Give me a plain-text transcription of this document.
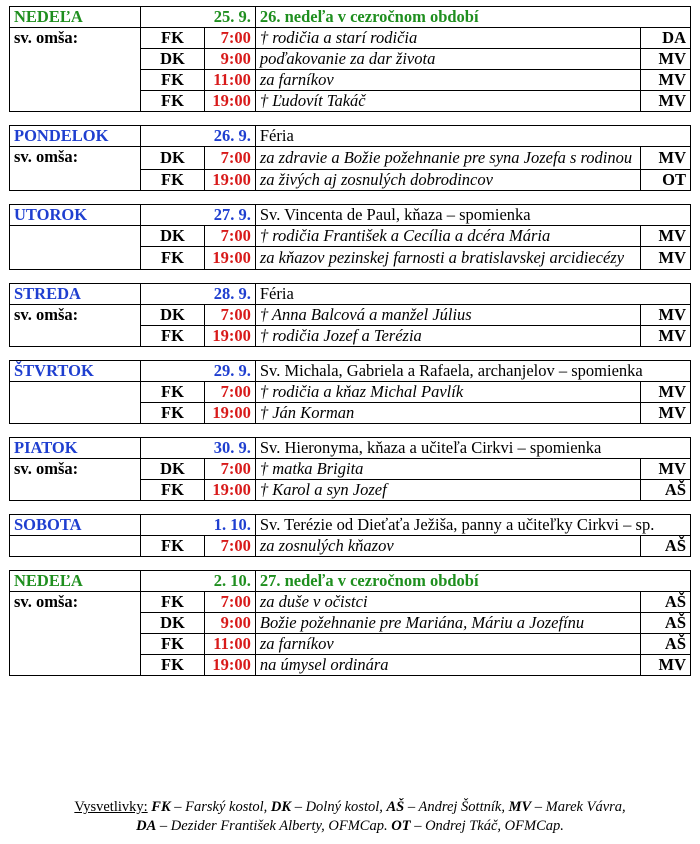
NEDEĽA	25. 9.		26. nedeľa v cezročnom období	
sv. omša:	FK	7:00	† rodičia a starí rodičia	DA
	DK	9:00	poďakovanie za dar života	MV
	FK	11:00	za farníkov	MV
	FK	19:00	† Ľudovít Takáč	MV
PONDELOK	26. 9.		Féria	
sv. omša:	DK	7:00	za zdravie a Božie požehnanie pre syna Jozefa s rodinou	MV
	FK	19:00	za živých aj zosnulých dobrodincov	OT
UTOROK	27. 9.		Sv. Vincenta de Paul, kňaza – spomienka	
	DK	7:00	† rodičia František a Cecília a dcéra Mária	MV
	FK	19:00	za kňazov pezinskej farnosti a bratislavskej arcidiecézy	MV
STREDA	28. 9.		Féria	
sv. omša:	DK	7:00	† Anna Balcová a manžel Július	MV
	FK	19:00	† rodičia Jozef a Terézia	MV
ŠTVRTOK	29. 9.		Sv. Michala, Gabriela a Rafaela, archanjelov – spomienka	
	FK	7:00	† rodičia a kňaz Michal Pavlík	MV
	FK	19:00	† Ján Korman	MV
PIATOK	30. 9.		Sv. Hieronyma, kňaza a učiteľa Cirkvi – spomienka	
sv. omša:	DK	7:00	† matka Brigita	MV
	FK	19:00	† Karol a syn Jozef	AŠ
SOBOTA	1. 10.		Sv. Terézie od Dieťaťa Ježiša, panny a učiteľky Cirkvi – sp.	
	FK	7:00	za zosnulých kňazov	AŠ
NEDEĽA	2. 10.		27. nedeľa v cezročnom období	
sv. omša:	FK	7:00	za duše v očistci	AŠ
	DK	9:00	Božie požehnanie pre Mariána, Máriu a Jozefínu	AŠ
	FK	11:00	za farníkov	AŠ
	FK	19:00	na úmysel ordinára	MV
Vysvetlivky: FK – Farský kostol, DK – Dolný kostol, AŠ – Andrej Šottník, MV – Marek Vávra,
DA – Dezider František Alberty, OFMCap. OT – Ondrej Tkáč, OFMCap.
